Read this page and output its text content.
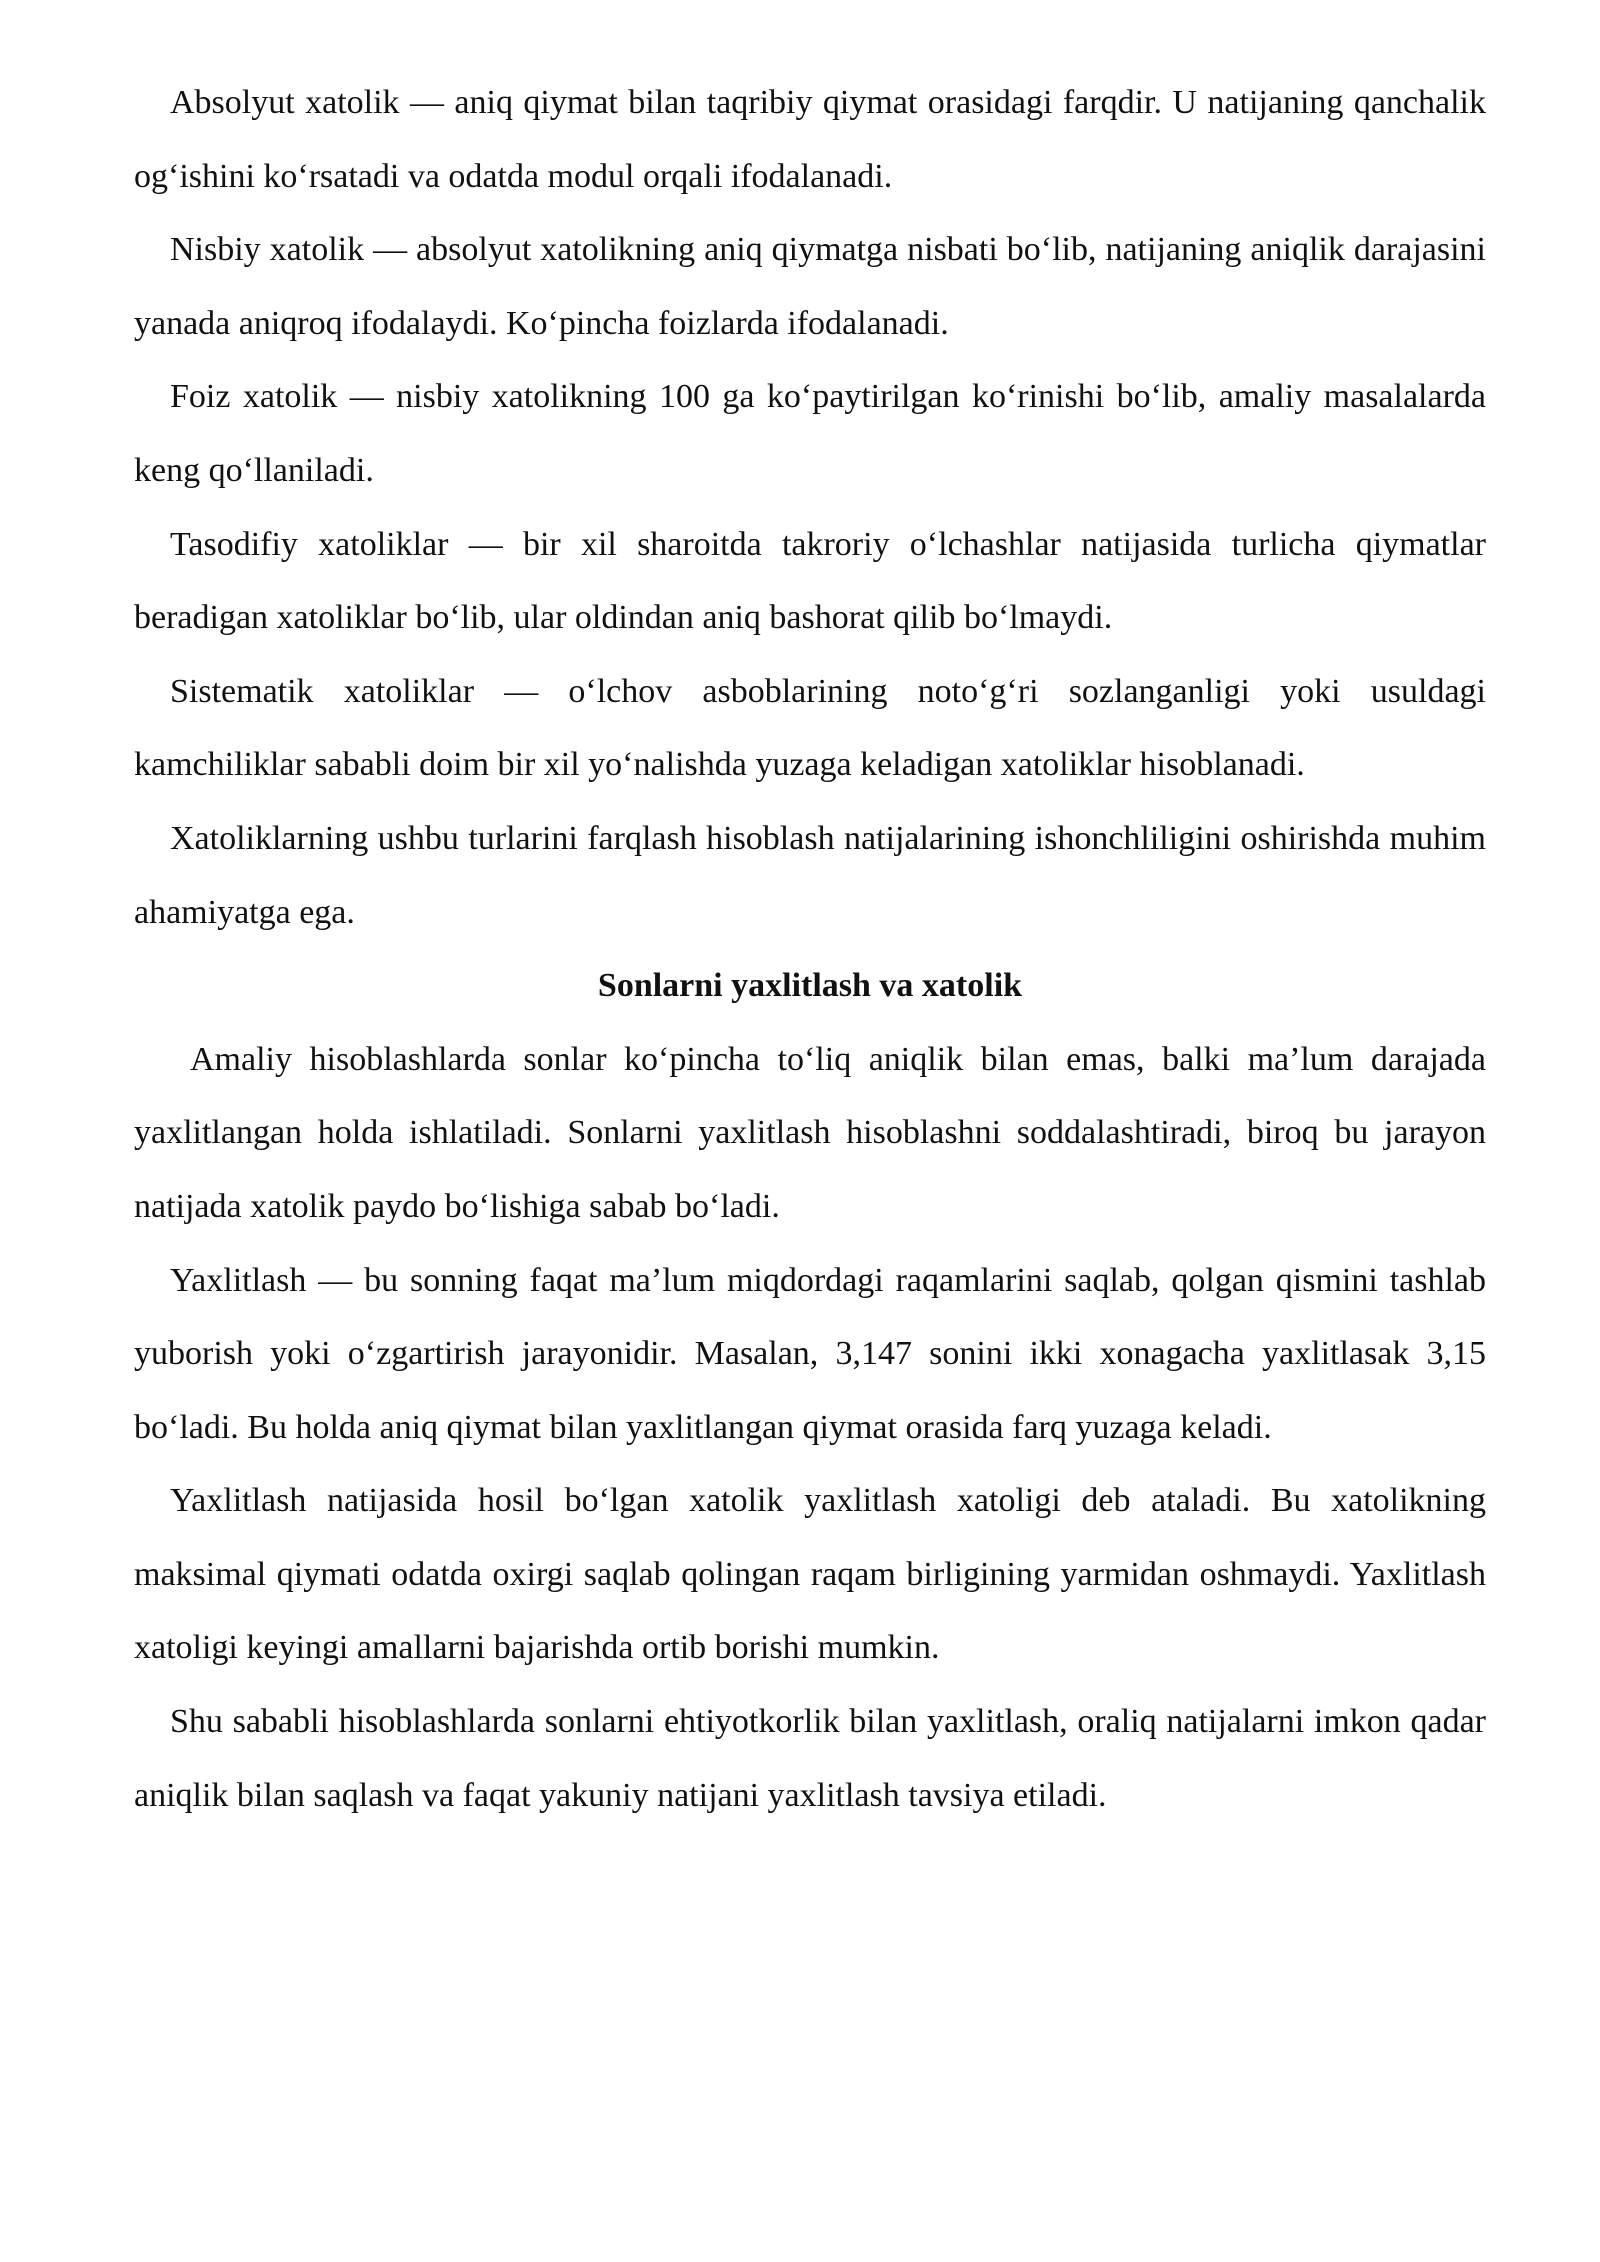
Absolyut xatolik — aniq qiymat bilan taqribiy qiymat orasidagi farqdir. U natijaning qanchalik og‘ishini ko‘rsatadi va odatda modul orqali ifodalanadi.

Nisbiy xatolik — absolyut xatolikning aniq qiymatga nisbati bo‘lib, natijaning aniqlik darajasini yanada aniqroq ifodalaydi. Ko‘pincha foizlarda ifodalanadi.

Foiz xatolik — nisbiy xatolikning 100 ga ko‘paytirilgan ko‘rinishi bo‘lib, amaliy masalalarda keng qo‘llaniladi.

Tasodifiy xatoliklar — bir xil sharoitda takroriy o‘lchashlar natijasida turlicha qiymatlar beradigan xatoliklar bo‘lib, ular oldindan aniq bashorat qilib bo‘lmaydi.

Sistematik xatoliklar — o‘lchov asboblarining noto‘g‘ri sozlanganligi yoki usuldagi kamchiliklar sababli doim bir xil yo‘nalishda yuzaga keladigan xatoliklar hisoblanadi.

Xatoliklarning ushbu turlarini farqlash hisoblash natijalarining ishonchliligini oshirishda muhim ahamiyatga ega.

Sonlarni yaxlitlash va xatolik

Amaliy hisoblashlarda sonlar ko‘pincha to‘liq aniqlik bilan emas, balki ma’lum darajada yaxlitlangan holda ishlatiladi. Sonlarni yaxlitlash hisoblashni soddalashtiradi, biroq bu jarayon natijada xatolik paydo bo‘lishiga sabab bo‘ladi.

Yaxlitlash — bu sonning faqat ma’lum miqdordagi raqamlarini saqlab, qolgan qismini tashlab yuborish yoki o‘zgartirish jarayonidir. Masalan, 3,147 sonini ikki xonagacha yaxlitlasak 3,15 bo‘ladi. Bu holda aniq qiymat bilan yaxlitlangan qiymat orasida farq yuzaga keladi.

Yaxlitlash natijasida hosil bo‘lgan xatolik yaxlitlash xatoligi deb ataladi. Bu xatolikning maksimal qiymati odatda oxirgi saqlab qolingan raqam birligining yarmidan oshmaydi. Yaxlitlash xatoligi keyingi amallarni bajarishda ortib borishi mumkin.

Shu sababli hisoblashlarda sonlarni ehtiyotkorlik bilan yaxlitlash, oraliq natijalarni imkon qadar aniqlik bilan saqlash va faqat yakuniy natijani yaxlitlash tavsiya etiladi.
